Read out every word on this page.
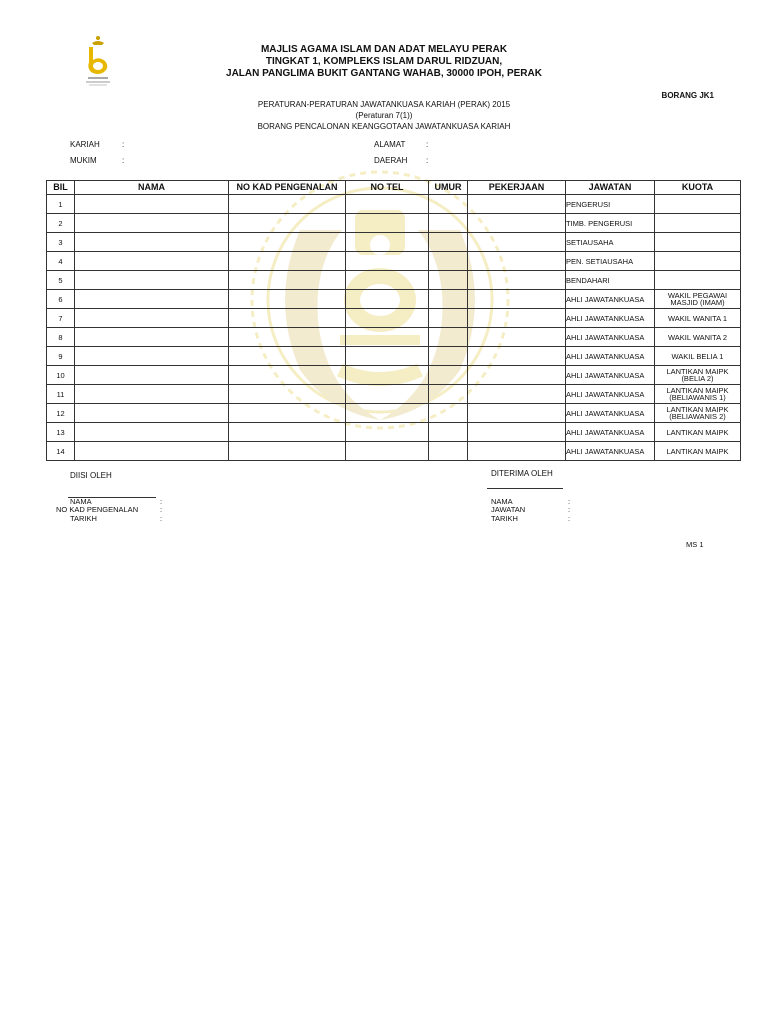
MAJLIS AGAMA ISLAM DAN ADAT MELAYU PERAK
TINGKAT 1, KOMPLEKS ISLAM DARUL RIDZUAN,
JALAN PANGLIMA BUKIT GANTANG WAHAB, 30000 IPOH, PERAK
BORANG JK1
PERATURAN-PERATURAN JAWATANKUASA KARIAH (PERAK) 2015
(Peraturan 7(1))
BORANG PENCALONAN KEANGGOTAAN JAWATANKUASA KARIAH
KARIAH	:
MUKIM	:
ALAMAT	:
DAERAH :
BIL	NAMA	NO KAD PENGENALAN	NO TEL	UMUR	PEKERJAAN	JAWATAN	KUOTA
1						PENGERUSI	
2						TIMB. PENGERUSI	
3						SETIAUSAHA	
4						PEN. SETIAUSAHA	
5						BENDAHARI	
6						AHLI JAWATANKUASA	WAKIL PEGAWAI MASJID (IMAM)
7						AHLI JAWATANKUASA	WAKIL WANITA 1
8						AHLI JAWATANKUASA	WAKIL WANITA 2
9						AHLI JAWATANKUASA	WAKIL BELIA 1
10						AHLI JAWATANKUASA	LANTIKAN MAIPK (BELIA 2)
11						AHLI JAWATANKUASA	LANTIKAN MAIPK (BELIAWANIS 1)
12						AHLI JAWATANKUASA	LANTIKAN MAIPK (BELIAWANIS 2)
13						AHLI JAWATANKUASA	LANTIKAN MAIPK
14						AHLI JAWATANKUASA	LANTIKAN MAIPK
DIISI OLEH
NAMA	:
NO KAD PENGENALAN	:
TARIKH	:
DITERIMA OLEH
NAMA	:
JAWATAN	:
TARIKH	:
MS 1
